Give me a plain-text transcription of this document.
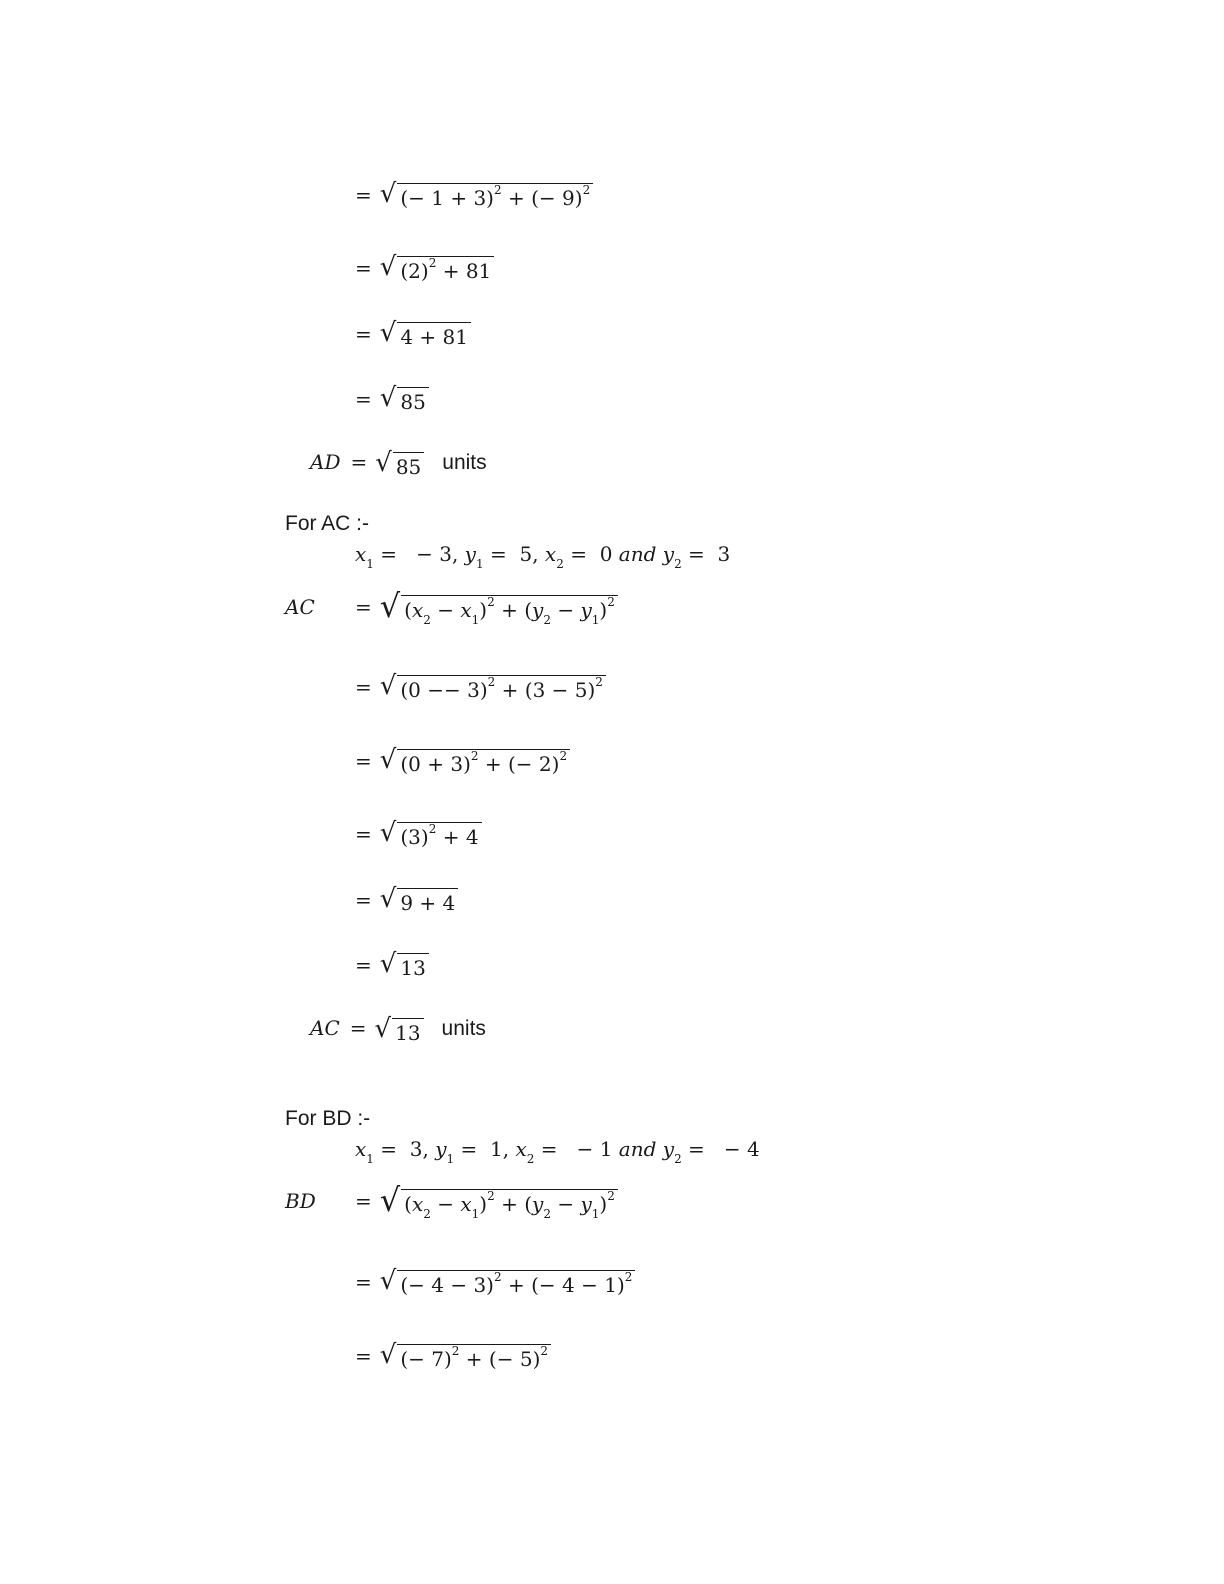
= √ (− 1 + 3)$^2$ + (− 9)$^2$
= √ $(2)^2 + 81$
= √ 4 + 81
= √ 85
AD = √ 85 units
For AC :-
$x_1$ =   − 3, $y_1 = 5$, $x_2 = 0$ and $y_2 = 3$
AC = √ $(x_2 - x_1)^2 + (y_2 - y_1)^2$
= √ $(0 -- 3)^2 + (3 - 5)^2$
= √ $(0 + 3)^2$ + (− 2)$^2$
= √ $(3)^2 + 4$
= √ 9 + 4
= √ 13
AC = √ 13 units
For BD :-
$x_1 = 3$, $y_1 = 1$, $x_2$ =   − 1 and $y_2$ =   − 4
BD = √ $(x_2 - x_1)^2 + (y_2 - y_1)^2$
= √ (− 4 − 3)$^2$ + (− 4 − 1)$^2$
= √ (− 7)$^2$ + (− 5)$^2$
